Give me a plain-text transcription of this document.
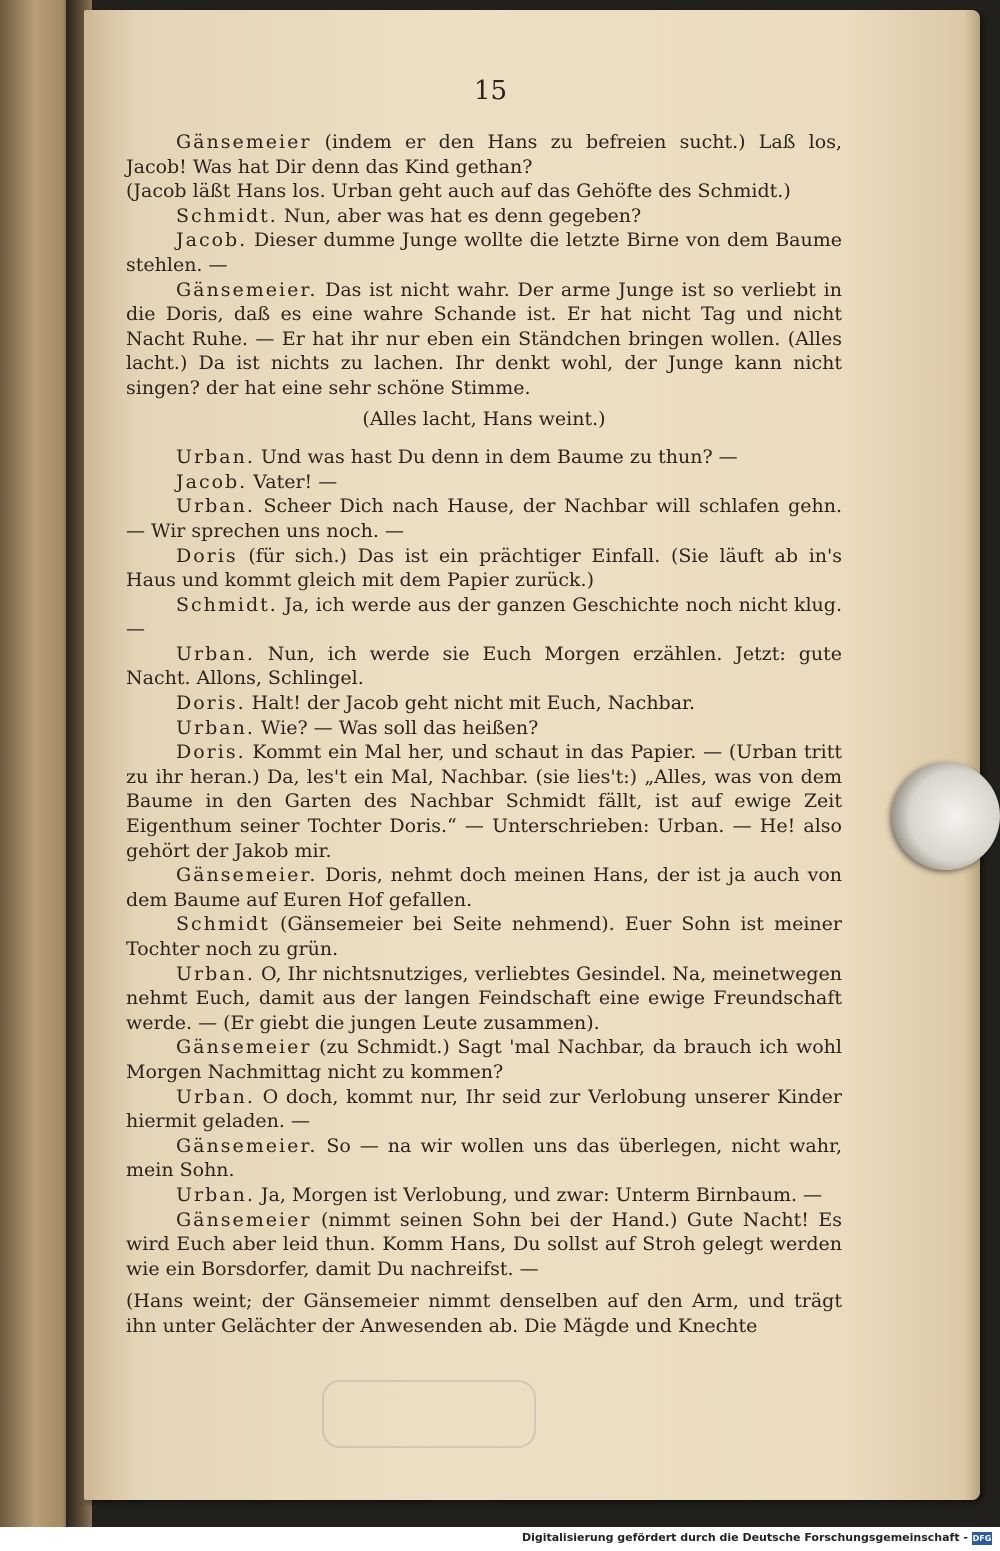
15

Gänsemeier (indem er den Hans zu befreien sucht.) Laß los, Jacob! Was hat Dir denn das Kind gethan?

(Jacob läßt Hans los. Urban geht auch auf das Gehöfte des Schmidt.)

Schmidt. Nun, aber was hat es denn gegeben?

Jacob. Dieser dumme Junge wollte die letzte Birne von dem Baume stehlen. —

Gänsemeier. Das ist nicht wahr. Der arme Junge ist so verliebt in die Doris, daß es eine wahre Schande ist. Er hat nicht Tag und nicht Nacht Ruhe. — Er hat ihr nur eben ein Ständchen bringen wollen. (Alles lacht.) Da ist nichts zu lachen. Ihr denkt wohl, der Junge kann nicht singen? der hat eine sehr schöne Stimme.

(Alles lacht, Hans weint.)

Urban. Und was hast Du denn in dem Baume zu thun? —

Jacob. Vater! —

Urban. Scheer Dich nach Hause, der Nachbar will schlafen gehn. — Wir sprechen uns noch. —

Doris (für sich.) Das ist ein prächtiger Einfall. (Sie läuft ab in's Haus und kommt gleich mit dem Papier zurück.)

Schmidt. Ja, ich werde aus der ganzen Geschichte noch nicht klug. —

Urban. Nun, ich werde sie Euch Morgen erzählen. Jetzt: gute Nacht. Allons, Schlingel.

Doris. Halt! der Jacob geht nicht mit Euch, Nachbar.

Urban. Wie? — Was soll das heißen?

Doris. Kommt ein Mal her, und schaut in das Papier. — (Urban tritt zu ihr heran.) Da, les't ein Mal, Nachbar. (sie lies't:) „Alles, was von dem Baume in den Garten des Nachbar Schmidt fällt, ist auf ewige Zeit Eigenthum seiner Tochter Doris.“ — Unterschrieben: Urban. — He! also gehört der Jakob mir.

Gänsemeier. Doris, nehmt doch meinen Hans, der ist ja auch von dem Baume auf Euren Hof gefallen.

Schmidt (Gänsemeier bei Seite nehmend). Euer Sohn ist meiner Tochter noch zu grün.

Urban. O, Ihr nichtsnutziges, verliebtes Gesindel. Na, meinetwegen nehmt Euch, damit aus der langen Feindschaft eine ewige Freundschaft werde. — (Er giebt die jungen Leute zusammen).

Gänsemeier (zu Schmidt.) Sagt 'mal Nachbar, da brauch ich wohl Morgen Nachmittag nicht zu kommen?

Urban. O doch, kommt nur, Ihr seid zur Verlobung unserer Kinder hiermit geladen. —

Gänsemeier. So — na wir wollen uns das überlegen, nicht wahr, mein Sohn.

Urban. Ja, Morgen ist Verlobung, und zwar: Unterm Birnbaum. —

Gänsemeier (nimmt seinen Sohn bei der Hand.) Gute Nacht! Es wird Euch aber leid thun. Komm Hans, Du sollst auf Stroh gelegt werden wie ein Borsdorfer, damit Du nachreifst. —

(Hans weint; der Gänsemeier nimmt denselben auf den Arm, und trägt ihn unter Gelächter der Anwesenden ab. Die Mägde und Knechte

Digitalisierung gefördert durch die Deutsche Forschungsgemeinschaft - DFG
